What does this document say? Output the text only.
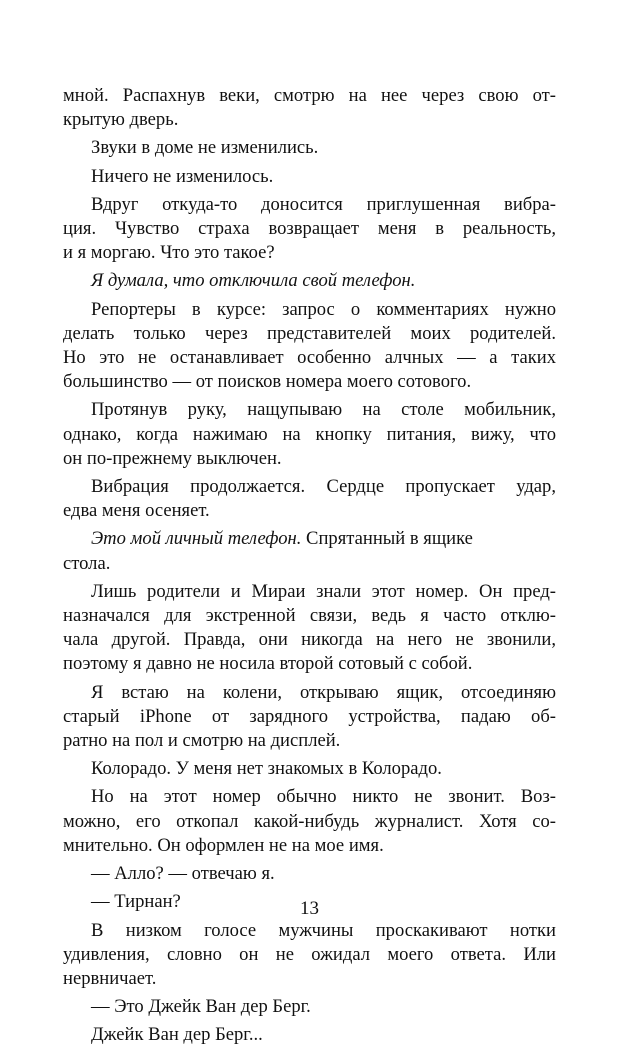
мной. Распахнув веки, смотрю на нее через свою от-
крытую дверь.
Звуки в доме не изменились.
Ничего не изменилось.
Вдруг откуда-то доносится приглушенная вибра-
ция. Чувство страха возвращает меня в реальность,
и я моргаю. Что это такое?
Я думала, что отключила свой телефон.
Репортеры в курсе: запрос о комментариях нужно
делать только через представителей моих родителей.
Но это не останавливает особенно алчных — а таких
большинство — от поисков номера моего сотового.
Протянув руку, нащупываю на столе мобильник,
однако, когда нажимаю на кнопку питания, вижу, что
он по-прежнему выключен.
Вибрация продолжается. Сердце пропускает удар,
едва меня осеняет.
Это мой личный телефон. Спрятанный в ящике
стола.
Лишь родители и Мираи знали этот номер. Он пред-
назначался для экстренной связи, ведь я часто отклю-
чала другой. Правда, они никогда на него не звонили,
поэтому я давно не носила второй сотовый с собой.
Я встаю на колени, открываю ящик, отсоединяю
старый iPhone от зарядного устройства, падаю об-
ратно на пол и смотрю на дисплей.
Колорадо. У меня нет знакомых в Колорадо.
Но на этот номер обычно никто не звонит. Воз-
можно, его откопал какой-нибудь журналист. Хотя со-
мнительно. Он оформлен не на мое имя.
— Алло? — отвечаю я.
— Тирнан?
В низком голосе мужчины проскакивают нотки
удивления, словно он не ожидал моего ответа. Или
нервничает.
— Это Джейк Ван дер Берг.
Джейк Ван дер Берг...
13
